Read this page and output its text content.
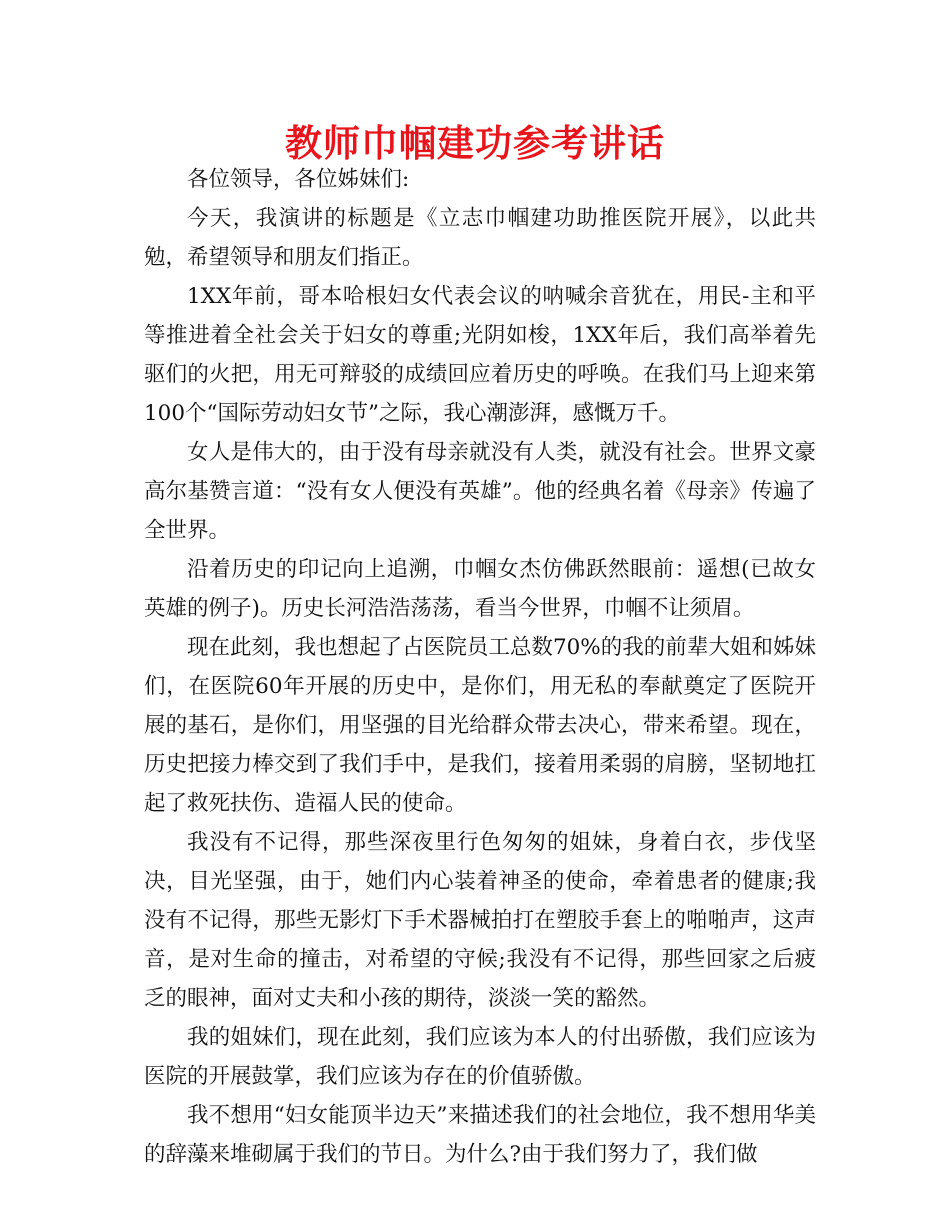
教师巾帼建功参考讲话

各位领导，各位姊妹们:

今天，我演讲的标题是《立志巾帼建功助推医院开展》，以此共勉，希望领导和朋友们指正。

1XX年前，哥本哈根妇女代表会议的呐喊余音犹在，用民-主和平等推进着全社会关于妇女的尊重;光阴如梭，1XX年后，我们高举着先驱们的火把，用无可辩驳的成绩回应着历史的呼唤。在我们马上迎来第100个“国际劳动妇女节”之际，我心潮澎湃，感慨万千。

女人是伟大的，由于没有母亲就没有人类，就没有社会。世界文豪高尔基赞言道：“没有女人便没有英雄”。他的经典名着《母亲》传遍了全世界。

沿着历史的印记向上追溯，巾帼女杰仿佛跃然眼前：遥想(已故女英雄的例子)。历史长河浩浩荡荡，看当今世界，巾帼不让须眉。

现在此刻，我也想起了占医院员工总数70%的我的前辈大姐和姊妹们，在医院60年开展的历史中，是你们，用无私的奉献奠定了医院开展的基石，是你们，用坚强的目光给群众带去决心，带来希望。现在，历史把接力棒交到了我们手中，是我们，接着用柔弱的肩膀，坚韧地扛起了救死扶伤、造福人民的使命。

我没有不记得，那些深夜里行色匆匆的姐妹，身着白衣，步伐坚决，目光坚强，由于，她们内心装着神圣的使命，牵着患者的健康;我没有不记得，那些无影灯下手术器械拍打在塑胶手套上的啪啪声，这声音，是对生命的撞击，对希望的守候;我没有不记得，那些回家之后疲乏的眼神，面对丈夫和小孩的期待，淡淡一笑的豁然。

我的姐妹们，现在此刻，我们应该为本人的付出骄傲，我们应该为医院的开展鼓掌，我们应该为存在的价值骄傲。

我不想用“妇女能顶半边天”来描述我们的社会地位，我不想用华美的辞藻来堆砌属于我们的节日。为什么?由于我们努力了，我们做
